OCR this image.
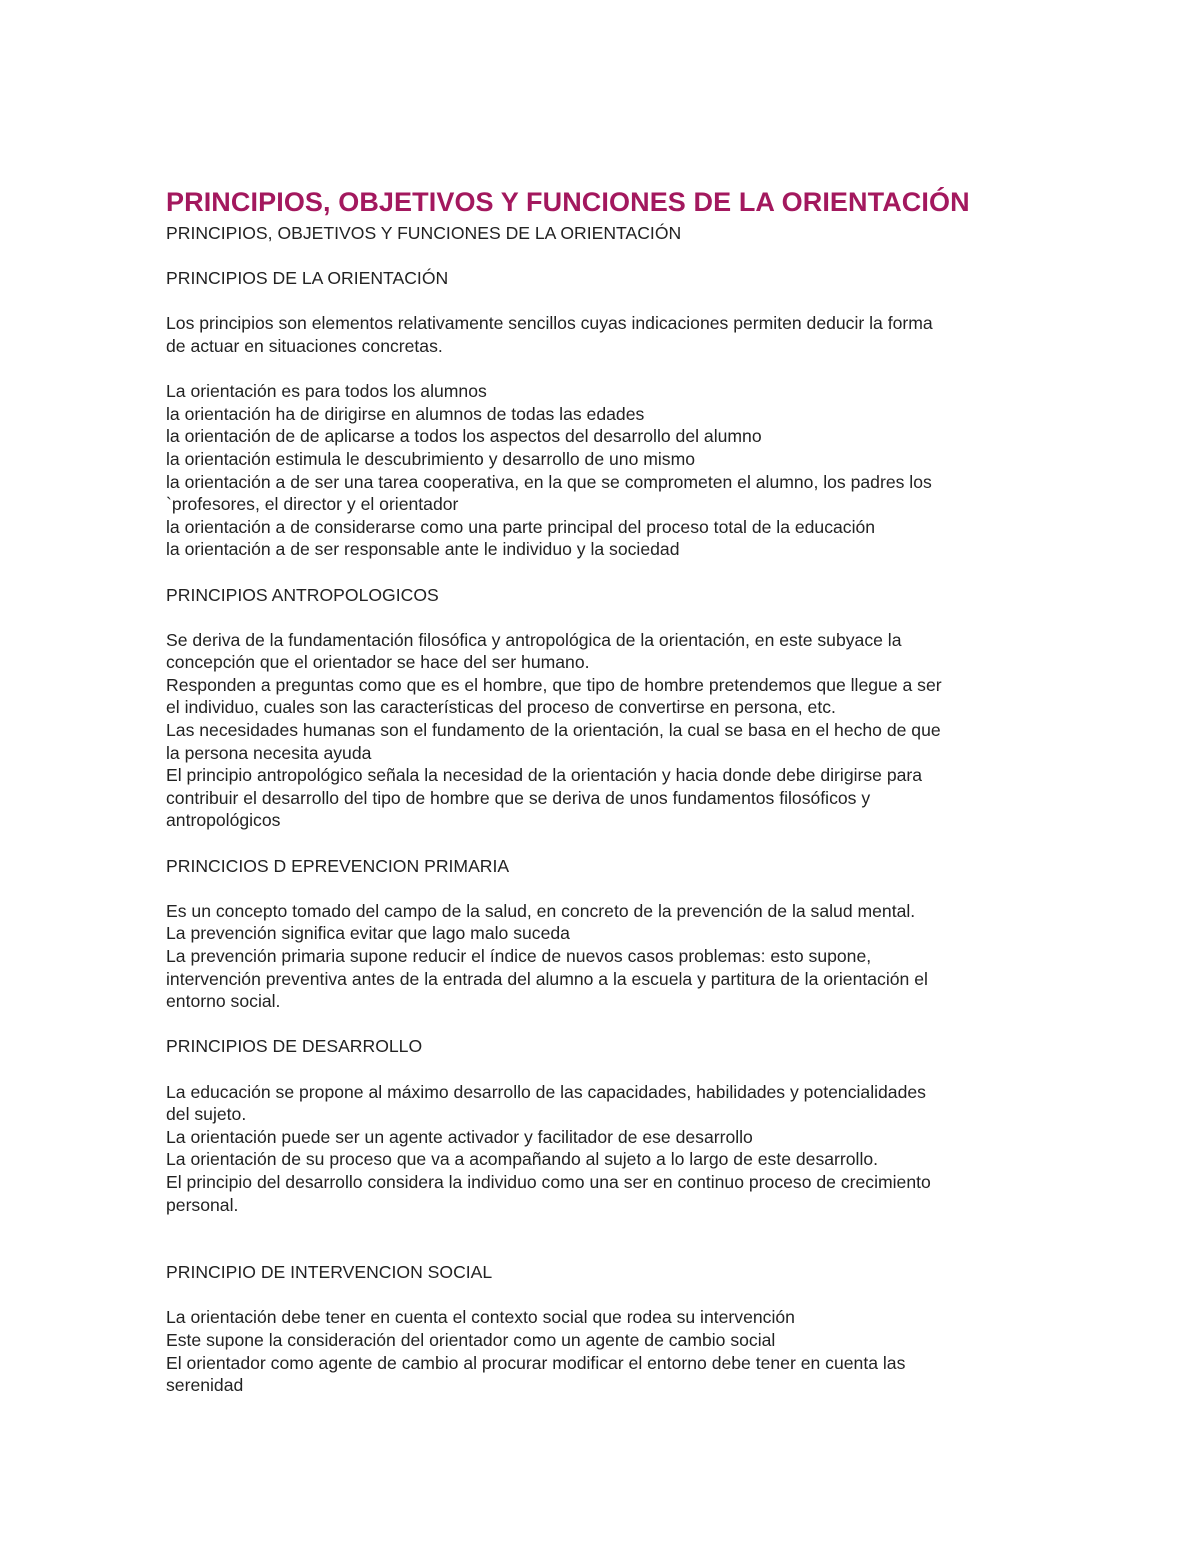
PRINCIPIOS, OBJETIVOS Y FUNCIONES DE LA ORIENTACIÓN

PRINCIPIOS, OBJETIVOS Y FUNCIONES DE LA ORIENTACIÓN

PRINCIPIOS DE LA ORIENTACIÓN

Los principios son elementos relativamente sencillos cuyas indicaciones permiten deducir la forma

de actuar en situaciones concretas.

La orientación es para todos los alumnos

la orientación ha de dirigirse en alumnos de todas las edades

la orientación de de aplicarse a todos los aspectos del desarrollo del alumno

la orientación estimula le descubrimiento y desarrollo de uno mismo

la orientación a de ser una tarea cooperativa, en la que se comprometen el alumno, los padres los

`profesores, el director y el orientador

la orientación a de considerarse como una parte principal del proceso total de la educación

la orientación a de ser responsable ante le individuo y la sociedad

PRINCIPIOS ANTROPOLOGICOS

Se deriva de la fundamentación filosófica y antropológica de la orientación, en este subyace la

concepción que el orientador se hace del ser humano.

Responden a preguntas como que es el hombre, que tipo de hombre pretendemos que llegue a ser

el individuo, cuales son las características del proceso de convertirse en persona, etc.

Las necesidades humanas son el fundamento de la orientación, la cual se basa en el hecho de que

la persona necesita ayuda

El principio antropológico señala la necesidad de la orientación y hacia donde debe dirigirse para

contribuir el desarrollo del tipo de hombre que se deriva de unos fundamentos filosóficos y

antropológicos

PRINCICIOS D EPREVENCION PRIMARIA

Es un concepto tomado del campo de la salud, en concreto de la prevención de la salud mental.

La prevención significa evitar que lago malo suceda

La prevención primaria supone reducir el índice de nuevos casos problemas: esto supone,

intervención preventiva antes de la entrada del alumno a la escuela y partitura de la orientación el

entorno social.

PRINCIPIOS DE DESARROLLO

La educación se propone al máximo desarrollo de las capacidades, habilidades y potencialidades

del sujeto.

La orientación puede ser un agente activador y facilitador de ese desarrollo

La orientación de su proceso que va a acompañando al sujeto a lo largo de este desarrollo.

El principio del desarrollo considera la individuo como una ser en continuo proceso de crecimiento

personal.

PRINCIPIO DE INTERVENCION SOCIAL

La orientación debe tener en cuenta el contexto social que rodea su intervención

Este supone la consideración del orientador como un agente de cambio social

El orientador como agente de cambio al procurar modificar el entorno debe tener en cuenta las

serenidad
